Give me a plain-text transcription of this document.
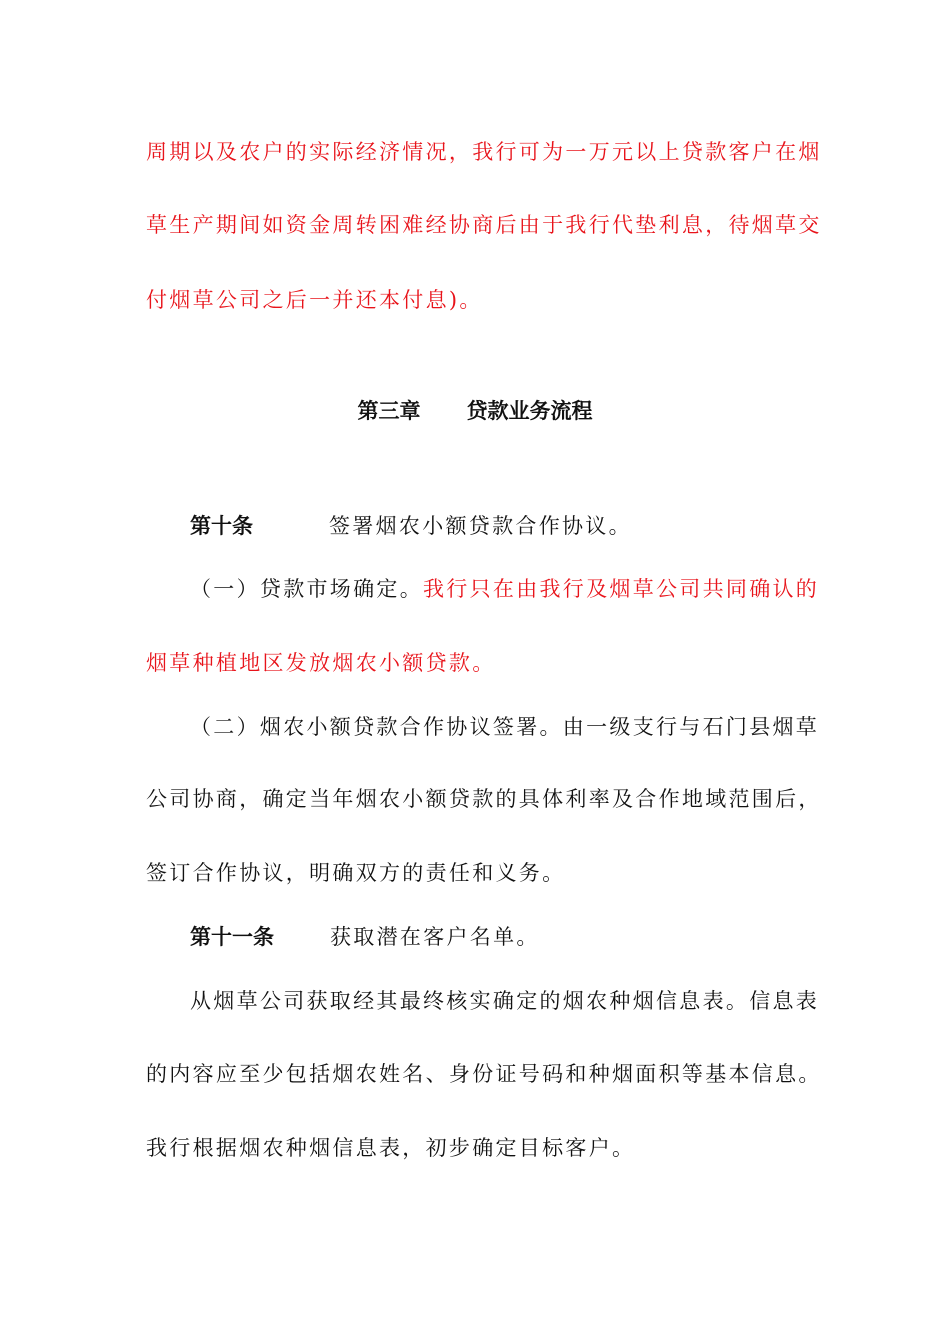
周期以及农户的实际经济情况，我行可为一万元以上贷款客户在烟
草生产期间如资金周转困难经协商后由于我行代垫利息，待烟草交
付烟草公司之后一并还本付息)。
第三章 贷款业务流程
第十条	签署烟农小额贷款合作协议。
（一）贷款市场确定。我行只在由我行及烟草公司共同确认的
烟草种植地区发放烟农小额贷款。
（二）烟农小额贷款合作协议签署。由一级支行与石门县烟草
公司协商，确定当年烟农小额贷款的具体利率及合作地域范围后，
签订合作协议，明确双方的责任和义务。
第十一条	获取潜在客户名单。
从烟草公司获取经其最终核实确定的烟农种烟信息表。信息表
的内容应至少包括烟农姓名、身份证号码和种烟面积等基本信息。
我行根据烟农种烟信息表，初步确定目标客户。
